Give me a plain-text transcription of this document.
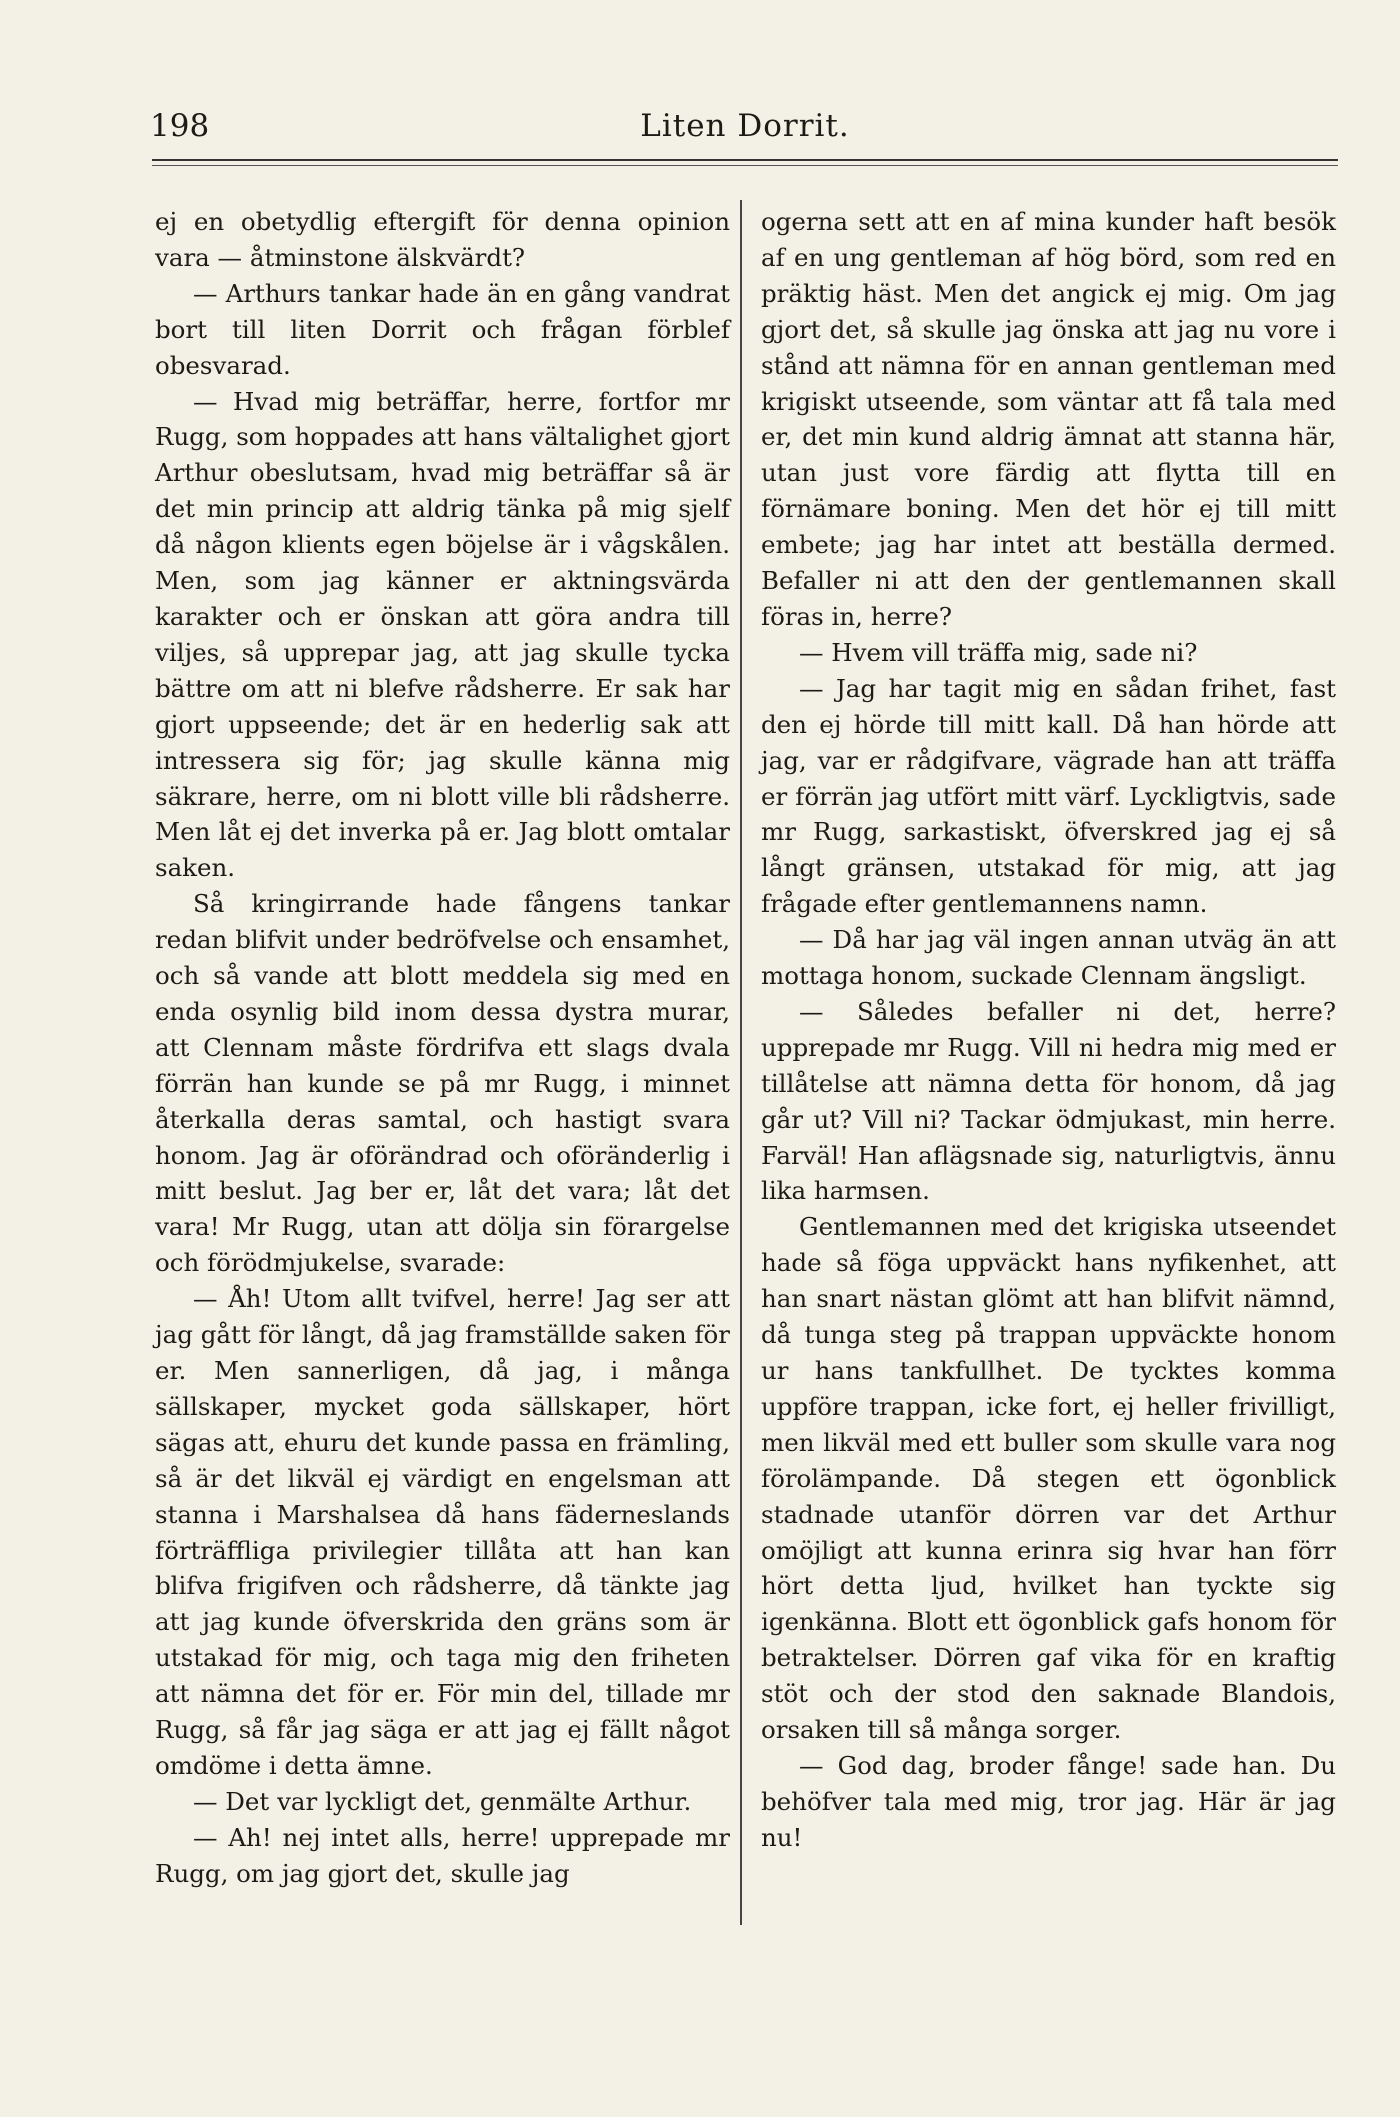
198	Liten Dorrit.

ej en obetydlig eftergift för denna opinion vara — åtminstone älskvärdt?

— Arthurs tankar hade än en gång vandrat bort till liten Dorrit och frågan förblef obesvarad.

— Hvad mig beträffar, herre, fortfor mr Rugg, som hoppades att hans vältalighet gjort Arthur obeslutsam, hvad mig beträffar så är det min princip att aldrig tänka på mig sjelf då någon klients egen böjelse är i vågskålen. Men, som jag känner er aktningsvärda karakter och er önskan att göra andra till viljes, så upprepar jag, att jag skulle tycka bättre om att ni blefve rådsherre. Er sak har gjort uppseende; det är en hederlig sak att intressera sig för; jag skulle känna mig säkrare, herre, om ni blott ville bli rådsherre. Men låt ej det inverka på er. Jag blott omtalar saken.

Så kringirrande hade fångens tankar redan blifvit under bedröfvelse och ensamhet, och så vande att blott meddela sig med en enda osynlig bild inom dessa dystra murar, att Clennam måste fördrifva ett slags dvala förrän han kunde se på mr Rugg, i minnet återkalla deras samtal, och hastigt svara honom. Jag är oförändrad och oföränderlig i mitt beslut. Jag ber er, låt det vara; låt det vara! Mr Rugg, utan att dölja sin förargelse och förödmjukelse, svarade:

— Åh! Utom allt tvifvel, herre! Jag ser att jag gått för långt, då jag framställde saken för er. Men sannerligen, då jag, i många sällskaper, mycket goda sällskaper, hört sägas att, ehuru det kunde passa en främling, så är det likväl ej värdigt en engelsman att stanna i Marshalsea då hans fäderneslands förträffliga privilegier tillåta att han kan blifva frigifven och rådsherre, då tänkte jag att jag kunde öfverskrida den gräns som är utstakad för mig, och taga mig den friheten att nämna det för er. För min del, tillade mr Rugg, så får jag säga er att jag ej fällt något omdöme i detta ämne.

— Det var lyckligt det, genmälte Arthur.

— Ah! nej intet alls, herre! upprepade mr Rugg, om jag gjort det, skulle jag

ogerna sett att en af mina kunder haft besök af en ung gentleman af hög börd, som red en präktig häst. Men det angick ej mig. Om jag gjort det, så skulle jag önska att jag nu vore i stånd att nämna för en annan gentleman med krigiskt utseende, som väntar att få tala med er, det min kund aldrig ämnat att stanna här, utan just vore färdig att flytta till en förnämare boning. Men det hör ej till mitt embete; jag har intet att beställa dermed. Befaller ni att den der gentlemannen skall föras in, herre?

— Hvem vill träffa mig, sade ni?

— Jag har tagit mig en sådan frihet, fast den ej hörde till mitt kall. Då han hörde att jag, var er rådgifvare, vägrade han att träffa er förrän jag utfört mitt värf. Lyckligtvis, sade mr Rugg, sarkastiskt, öfverskred jag ej så långt gränsen, utstakad för mig, att jag frågade efter gentlemannens namn.

— Då har jag väl ingen annan utväg än att mottaga honom, suckade Clennam ängsligt.

— Således befaller ni det, herre? upprepade mr Rugg. Vill ni hedra mig med er tillåtelse att nämna detta för honom, då jag går ut? Vill ni? Tackar ödmjukast, min herre. Farväl! Han aflägsnade sig, naturligtvis, ännu lika harmsen.

Gentlemannen med det krigiska utseendet hade så föga uppväckt hans nyfikenhet, att han snart nästan glömt att han blifvit nämnd, då tunga steg på trappan uppväckte honom ur hans tankfullhet. De tycktes komma uppföre trappan, icke fort, ej heller frivilligt, men likväl med ett buller som skulle vara nog förolämpande. Då stegen ett ögonblick stadnade utanför dörren var det Arthur omöjligt att kunna erinra sig hvar han förr hört detta ljud, hvilket han tyckte sig igenkänna. Blott ett ögonblick gafs honom för betraktelser. Dörren gaf vika för en kraftig stöt och der stod den saknade Blandois, orsaken till så många sorger.

— God dag, broder fånge! sade han. Du behöfver tala med mig, tror jag. Här är jag nu!
